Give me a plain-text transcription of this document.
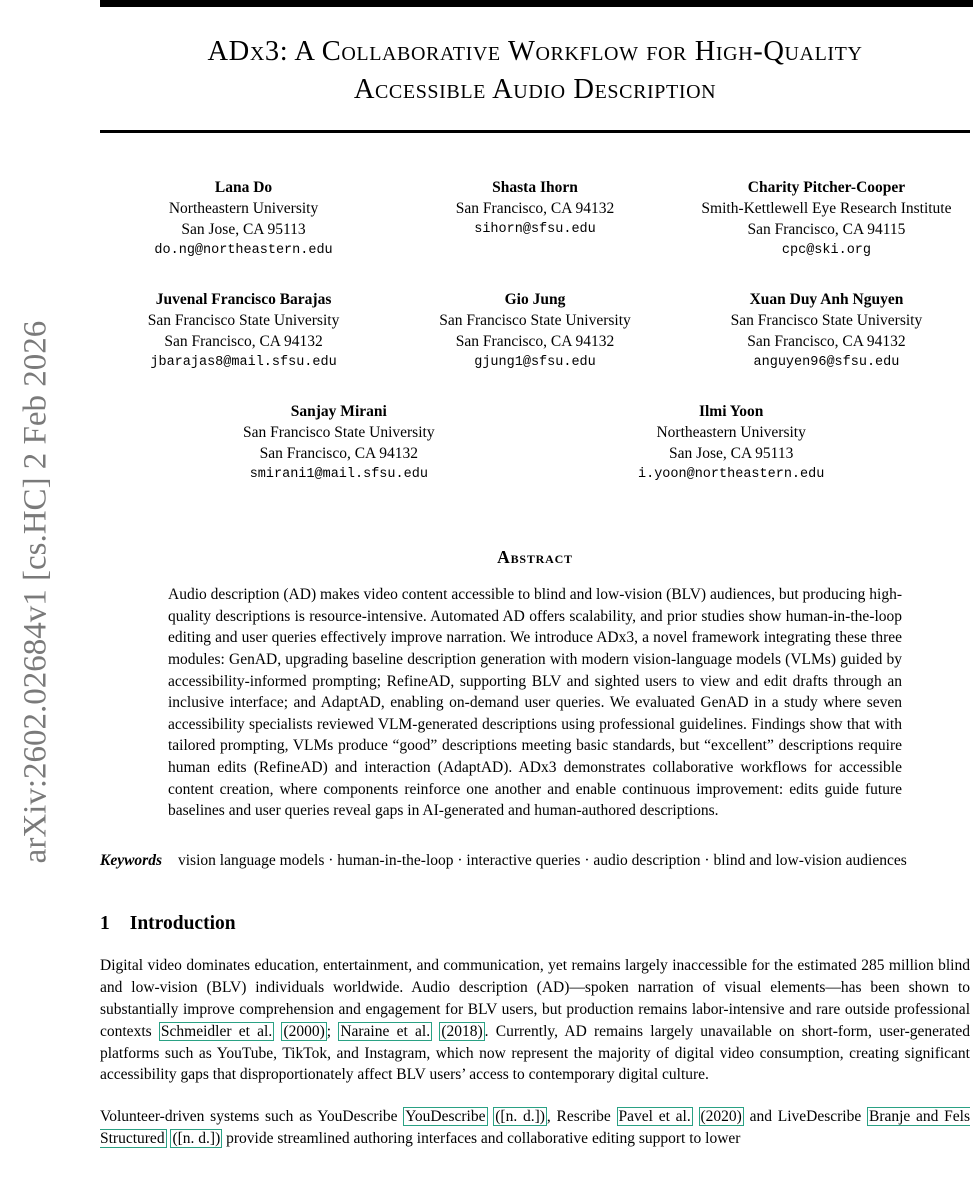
arXiv:2602.02684v1 [cs.HC] 2 Feb 2026
ADx3: A Collaborative Workflow for High-Quality Accessible Audio Description
Lana Do
Northeastern University
San Jose, CA 95113
do.ng@northeastern.edu
Shasta Ihorn
San Francisco, CA 94132
sihorn@sfsu.edu
Charity Pitcher-Cooper
Smith-Kettlewell Eye Research Institute
San Francisco, CA 94115
cpc@ski.org
Juvenal Francisco Barajas
San Francisco State University
San Francisco, CA 94132
jbarajas8@mail.sfsu.edu
Gio Jung
San Francisco State University
San Francisco, CA 94132
gjung1@sfsu.edu
Xuan Duy Anh Nguyen
San Francisco State University
San Francisco, CA 94132
anguyen96@sfsu.edu
Sanjay Mirani
San Francisco State University
San Francisco, CA 94132
smirani1@mail.sfsu.edu
Ilmi Yoon
Northeastern University
San Jose, CA 95113
i.yoon@northeastern.edu
Abstract

Audio description (AD) makes video content accessible to blind and low-vision (BLV) audiences, but producing high-quality descriptions is resource-intensive. Automated AD offers scalability, and prior studies show human-in-the-loop editing and user queries effectively improve narration. We introduce ADx3, a novel framework integrating these three modules: GenAD, upgrading baseline description generation with modern vision-language models (VLMs) guided by accessibility-informed prompting; RefineAD, supporting BLV and sighted users to view and edit drafts through an inclusive interface; and AdaptAD, enabling on-demand user queries. We evaluated GenAD in a study where seven accessibility specialists reviewed VLM-generated descriptions using professional guidelines. Findings show that with tailored prompting, VLMs produce “good” descriptions meeting basic standards, but “excellent” descriptions require human edits (RefineAD) and interaction (AdaptAD). ADx3 demonstrates collaborative workflows for accessible content creation, where components reinforce one another and enable continuous improvement: edits guide future baselines and user queries reveal gaps in AI-generated and human-authored descriptions.

Keywords vision language models · human-in-the-loop · interactive queries · audio description · blind and low-vision audiences
1 Introduction

Digital video dominates education, entertainment, and communication, yet remains largely inaccessible for the estimated 285 million blind and low-vision (BLV) individuals worldwide. Audio description (AD)—spoken narration of visual elements—has been shown to substantially improve comprehension and engagement for BLV users, but production remains labor-intensive and rare outside professional contexts Schmeidler et al. (2000) ; Naraine et al. (2018) . Currently, AD remains largely unavailable on short-form, user-generated platforms such as YouTube, TikTok, and Instagram, which now represent the majority of digital video consumption, creating significant accessibility gaps that disproportionately affect BLV users’ access to contemporary digital culture.

Volunteer-driven systems such as YouDescribe YouDescribe ([n. d.]) , Rescribe Pavel et al. (2020) and LiveDescribe Branje and Fels Structured ([n. d.]) provide streamlined authoring interfaces and collaborative editing support to lower
